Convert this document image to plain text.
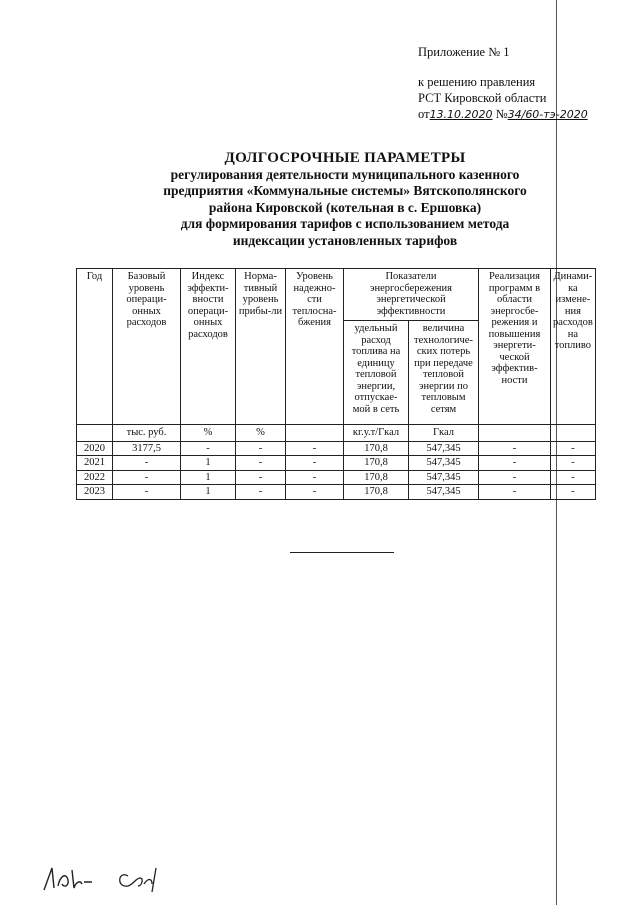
Приложение № 1
к решению правления
РСТ Кировской области
от13.10.2020 №34/60-тэ-2020
ДОЛГОСРОЧНЫЕ ПАРАМЕТРЫ
регулирования деятельности муниципального казенного
предприятия «Коммунальные системы» Вятскополянского
района Кировской (котельная в с. Ершовка)
для формирования тарифов с использованием метода
индексации установленных тарифов
Год	Базовый уровень операци-онных расходов	Индекс эффекти-вности операци-онных расходов	Норма-тивный уровень прибы-ли	Уровень надежно-сти теплосна-бжения	Показатели энергосбережения энергетической эффективности		Реализация программ в области энергосбе-режения и повышения энергети-ческой эффектив-ности	Динами-ка измене-ния расходов на топливо
					удельный расход топлива на единицу тепловой энергии, отпускае-мой в сеть	величина технологиче-ских потерь при передаче тепловой энергии по тепловым сетям		
	тыс. руб.	%	%		кг.у.т/Гкал	Гкал		
2020	3177,5	-	-	-	170,8	547,345	-	-
2021	-	1	-	-	170,8	547,345	-	-
2022	-	1	-	-	170,8	547,345	-	-
2023	-	1	-	-	170,8	547,345	-	-
